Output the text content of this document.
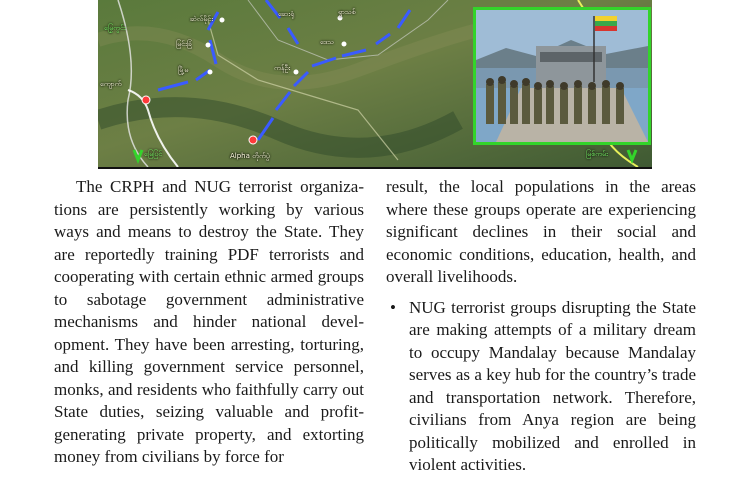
မြွေကွင်း
ဆဲလ်မိုင်း
မြင်းခြံ
မြို့မ
ဆေးရုံ
ကန်ဦး
ဒေသ
ရွာသစ်
ကျောက်
Alpha တိုက်ပွဲ
မြေပြင်	မြစ်ကမ်း

The CRPH and NUG terrorist organizations are persistently working by various ways and means to destroy the State. They are reportedly training PDF terrorists and cooperating with certain ethnic armed groups to sabotage government administrative mechanisms and hinder national development. They have been arresting, torturing, and killing government service personnel, monks, and residents who faithfully carry out State duties, seizing valuable and profit-generating private property, and extorting money from civilians by force for

result, the local populations in the areas where these groups operate are experiencing significant declines in their social and economic conditions, education, health, and overall livelihoods.

• NUG terrorist groups disrupting the State are making attempts of a military dream to occupy Mandalay because Mandalay serves as a key hub for the country’s trade and transportation network. Therefore, civilians from Anya region are being politically mobilized and enrolled in violent activities.
